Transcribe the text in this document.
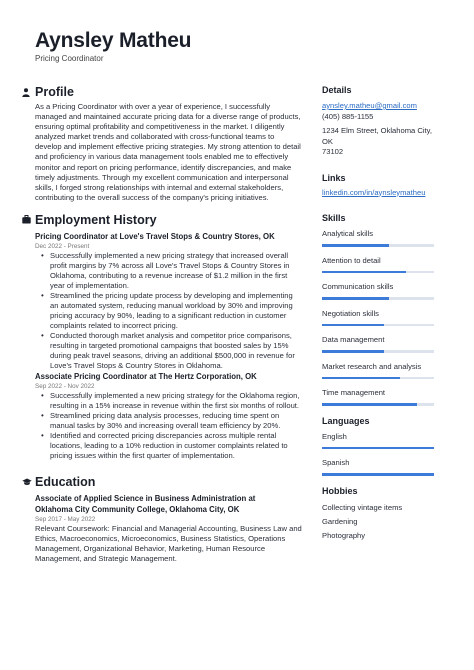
Aynsley Matheu
Pricing Coordinator
Profile
As a Pricing Coordinator with over a year of experience, I successfully managed and maintained accurate pricing data for a diverse range of products, ensuring optimal profitability and competitiveness in the market. I diligently analyzed market trends and collaborated with cross-functional teams to develop and implement effective pricing strategies. My strong attention to detail and proficiency in various data management tools enabled me to effectively monitor and report on pricing performance, identify discrepancies, and make timely adjustments. Through my excellent communication and interpersonal skills, I forged strong relationships with internal and external stakeholders, contributing to the overall success of the company's pricing initiatives.
Employment History
Pricing Coordinator at Love's Travel Stops & Country Stores, OK
Dec 2022 - Present
• Successfully implemented a new pricing strategy that increased overall profit margins by 7% across all Love's Travel Stops & Country Stores in Oklahoma, contributing to a revenue increase of $1.2 million in the first year of implementation.
• Streamlined the pricing update process by developing and implementing an automated system, reducing manual workload by 30% and improving pricing accuracy by 90%, leading to a significant reduction in customer complaints related to incorrect pricing.
• Conducted thorough market analysis and competitor price comparisons, resulting in targeted promotional campaigns that boosted sales by 15% during peak travel seasons, driving an additional $500,000 in revenue for Love's Travel Stops & Country Stores in Oklahoma.
Associate Pricing Coordinator at The Hertz Corporation, OK
Sep 2022 - Nov 2022
• Successfully implemented a new pricing strategy for the Oklahoma region, resulting in a 15% increase in revenue within the first six months of rollout.
• Streamlined pricing data analysis processes, reducing time spent on manual tasks by 30% and increasing overall team efficiency by 20%.
• Identified and corrected pricing discrepancies across multiple rental locations, leading to a 10% reduction in customer complaints related to pricing issues within the first quarter of implementation.
Education
Associate of Applied Science in Business Administration at
Oklahoma City Community College, Oklahoma City, OK
Sep 2017 - May 2022
Relevant Coursework: Financial and Managerial Accounting, Business Law and Ethics, Macroeconomics, Microeconomics, Business Statistics, Operations Management, Organizational Behavior, Marketing, Human Resource Management, and Strategic Management.
Details
aynsley.matheu@gmail.com
(405) 885-1155
1234 Elm Street, Oklahoma City, OK
73102
Links
linkedin.com/in/aynsleymatheu
Skills
Analytical skills
Attention to detail
Communication skills
Negotiation skills
Data management
Market research and analysis
Time management
Languages
English
Spanish
Hobbies
Collecting vintage items
Gardening
Photography
